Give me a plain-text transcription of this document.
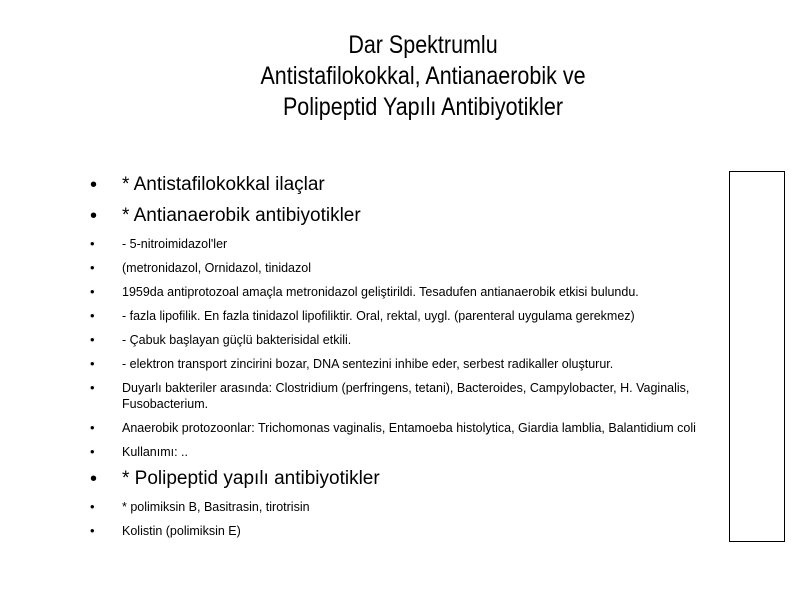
Dar Spektrumlu
Antistafilokokkal, Antianaerobik ve
Polipeptid Yapılı Antibiyotikler
• * Antistafilokokkal ilaçlar
• * Antianaerobik antibiyotikler
• - 5-nitroimidazol'ler
• (metronidazol, Ornidazol, tinidazol
• 1959da antiprotozoal amaçla metronidazol geliştirildi. Tesadufen antianaerobik etkisi bulundu.
• - fazla lipofilik. En fazla tinidazol lipofiliktir. Oral, rektal, uygl. (parenteral uygulama gerekmez)
• - Çabuk başlayan güçlü bakterisidal etkili.
• - elektron transport zincirini bozar, DNA sentezini inhibe eder, serbest radikaller oluşturur.
• Duyarlı bakteriler arasında: Clostridium (perfringens, tetani), Bacteroides, Campylobacter, H. Vaginalis, Fusobacterium.
• Anaerobik protozoonlar: Trichomonas vaginalis, Entamoeba histolytica, Giardia lamblia, Balantidium coli
• Kullanımı: ..
• * Polipeptid yapılı antibiyotikler
• * polimiksin B, Basitrasin, tirotrisin
• Kolistin (polimiksin E)
